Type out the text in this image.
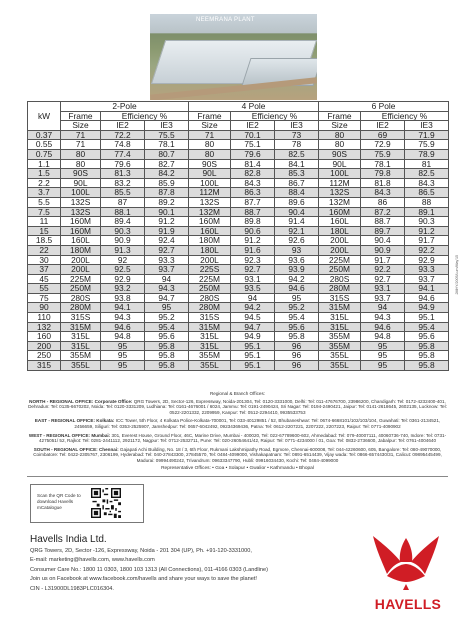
NEEMRANA PLANT
kW	2-Pole			4 Pole			6 Pole		
	Frame	Efficiency %		Frame	Efficiency %		Frame	Efficiency %	
	Size	IE2	IE3	Size	IE2	IE3	Size	IE2	IE3
0.37	71	72.2	75.5	71	70.1	73	80	69	71.9
0.55	71	74.8	78.1	80	75.1	78	80	72.9	75.9
0.75	80	77.4	80.7	80	79.6	82.5	90S	75.9	78.9
1.1	80	79.6	82.7	90S	81.4	84.1	90L	78.1	81
1.5	90S	81.3	84.2	90L	82.8	85.3	100L	79.8	82.5
2.2	90L	83.2	85.9	100L	84.3	86.7	112M	81.8	84.3
3.7	100L	85.5	87.8	112M	86.3	88.4	132S	84.3	86.5
5.5	132S	87	89.2	132S	87.7	89.6	132M	86	88
7.5	132S	88.1	90.1	132M	88.7	90.4	160M	87.2	89.1
11	160M	89.4	91.2	160M	89.8	91.4	160L	88.7	90.3
15	160M	90.3	91.9	160L	90.6	92.1	180L	89.7	91.2
18.5	160L	90.9	92.4	180M	91.2	92.6	200L	90.4	91.7
22	180M	91.3	92.7	180L	91.6	93	200L	90.9	92.2
30	200L	92	93.3	200L	92.3	93.6	225M	91.7	92.9
37	200L	92.5	93.7	225S	92.7	93.9	250M	92.2	93.3
45	225M	92.9	94	225M	93.1	94.2	280S	92.7	93.7
55	250M	93.2	94.3	250M	93.5	94.6	280M	93.1	94.1
75	280S	93.8	94.7	280S	94	95	315S	93.7	94.6
90	280M	94.1	95	280M	94.2	95.2	315M	94	94.9
110	315S	94.3	95.2	315S	94.5	95.4	315L	94.3	95.1
132	315M	94.6	95.4	315M	94.7	95.6	315L	94.6	95.4
160	315L	94.8	95.6	315L	94.9	95.8	355M	94.8	95.6
200	315L	95	95.8	315L	95.1	96	355M	95	95.8
250	355M	95	95.8	355M	95.1	96	355L	95	95.8
315	355L	95	95.8	355L	95.1	96	355L	95	95.8
2MHY/2005/Lum/May'15
Regional & Branch Offices:

NORTH - REGIONAL OFFICE: Corporate Office: QRG Towers, 2D, Sector-126, Expressway, Noida-201304, Tel: 0120-3331000, Delhi: Tel: 011-47676700, 23986200, Chandigarh: Tel: 0172-4232400-401, Dehradun: Tel: 0135-6670202, Noida: Tel: 0120-3331209, Ludhiana: Tel: 0161-4676001 / 6024, Jammu: Tel: 0191-2490424, Sri Nagar: Tel: 0194-2490421, Jaipur: Tel: 0141-2618645, 2602135, Lucknow: Tel: 0522-2201332, 2209959, Kanpur: Tel: 0512-2294410, 9935533753

EAST - REGIONAL OFFICE: Kolkata: ICC Tower, 5th Floor, 4 Kolkata Police-Kolkata-700001, Tel: 033-40129851 / 52, Bhubaneshwar: Tel: 0674-6668101/102/103/104, Guwahati: Tel: 0361-2134521, 2456659, Siliguri: Tel: 0353-2525907, Jamshedpur: Tel: 0657-6042492, 09234369436, Patna: Tel: 0612-2207221, 2207222, 2207223, Raipur: Tel: 0771-4090902

WEST - REGIONAL OFFICE: Mumbai: 301, Everest House, Ground Floor, 46C, Marine Drive, Mumbai - 400020, Tel: 022-67789600-602, Ahmedabad: Tel: 079-40007111, 40060736-740, Indore: Tel: 0731-4275051/ 52, Rajkot: Tel: 0281-2441112, 2921172, Nagpur: Tel: 0712-2532711, Pune: Tel: 020-26054641/42, Raipur: Tel: 0771-4234000 / 01, Goa: Tel: 0832-2736600, Jabalpur: Tel: 0761-4004640

SOUTH - REGIONAL OFFICE: Chennai: Gajapati Achi Building, No. 18 / 3, 6th Floor, Rukmani Lakshmipathy Road, Egmore, Chennai-600008, Tel: 044-42260600, 605, Bangalore: Tel: 080-49070000, Coimbatore: Tel: 0422-2305767, 2306199, Hyderabad: Tel: 040-27843300, 27845570, Tel: 0484-4099000, Vishakapatnam: Tel: 0891-6514439, Vijay wada: Tel: 0866-6574430/31, Calicut: 09895445499, Madurai: 09994490242, Trivandrum: 09633347790, Hubli: 09916034430, Kochi: Tel: 0484-4099000

Representative Offices: • Goa • Solapur • Gwalior • Kathmandu • Bhopal
Scan the QR Code to download Havells mCatalogue
Havells India Ltd.
QRG Towers, 2D, Sector -126, Expressway, Noida - 201 304 (UP), Ph. +91-120-3331000,
E-mail: marketing@havells.com, www.havells.com
Consumer Care No.: 1800 11 0303, 1800 103 1313 (All Connections), 011-4166 0303 (Landline)
Join us on Facebook at www.facebook.com/havells and share your ways to save the planet!
CIN - L31900DL1983PLC016304.
HAVELLS
